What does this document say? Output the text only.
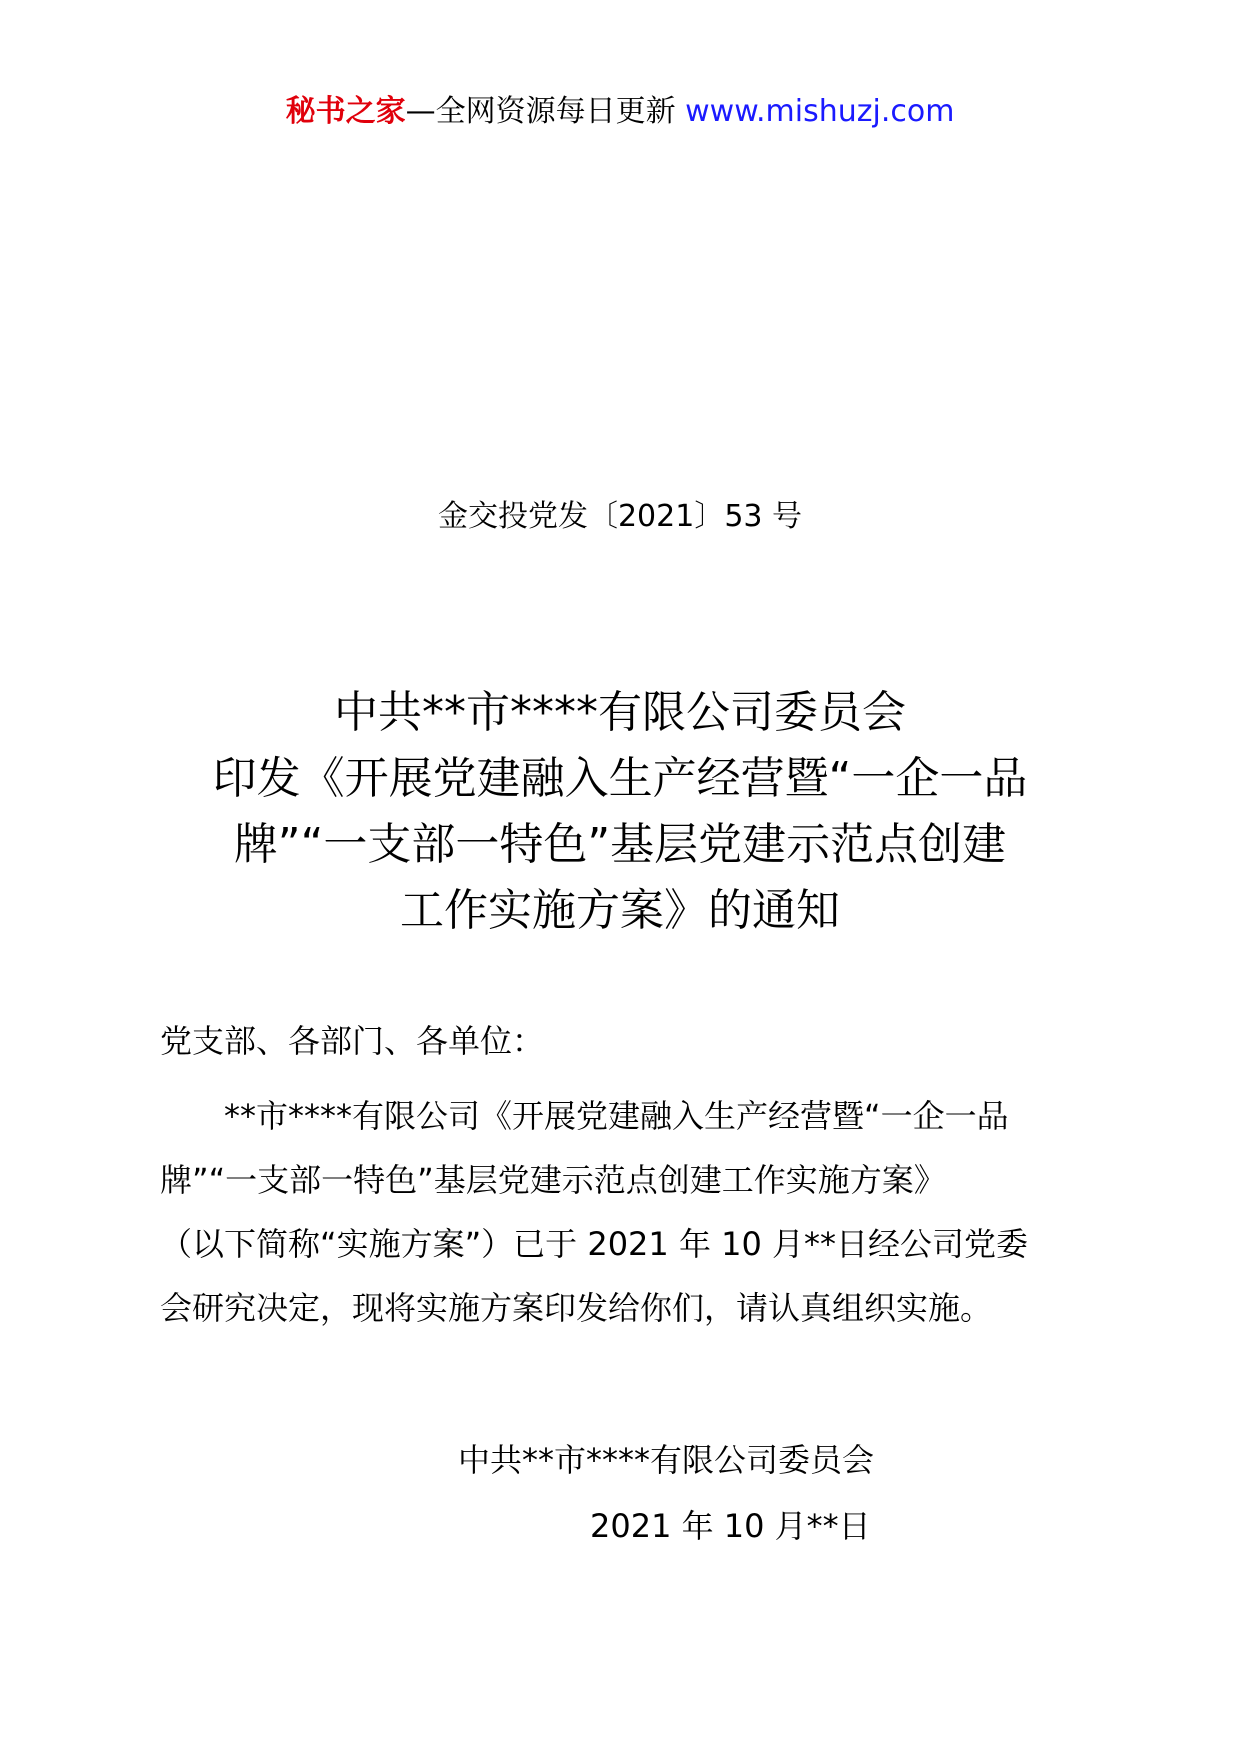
秘书之家—全网资源每日更新 www.mishuzj.com
金交投党发〔2021〕53 号
中共**市****有限公司委员会
印发《开展党建融入生产经营暨“一企一品
牌”“一支部一特色”基层党建示范点创建
工作实施方案》的通知
党支部、各部门、各单位：
**市****有限公司《开展党建融入生产经营暨“一企一品
牌”“一支部一特色”基层党建示范点创建工作实施方案》
（以下简称“实施方案”）已于 2021 年 10 月**日经公司党委
会研究决定，现将实施方案印发给你们，请认真组织实施。
中共**市****有限公司委员会
2021 年 10 月**日
